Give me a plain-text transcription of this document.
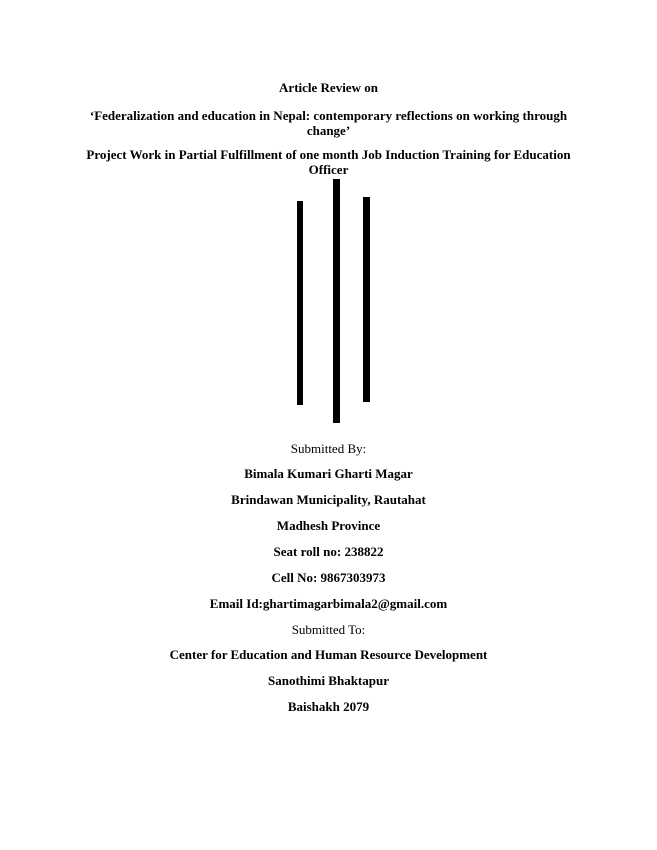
Article Review on

‘Federalization and education in Nepal: contemporary reflections on working through change’

Project Work in Partial Fulfillment of one month Job Induction Training for Education Officer

Submitted By:

Bimala Kumari Gharti Magar

Brindawan Municipality, Rautahat

Madhesh Province

Seat roll no: 238822

Cell No: 9867303973

Email Id:ghartimagarbimala2@gmail.com

Submitted To:

Center for Education and Human Resource Development

Sanothimi Bhaktapur

Baishakh 2079
